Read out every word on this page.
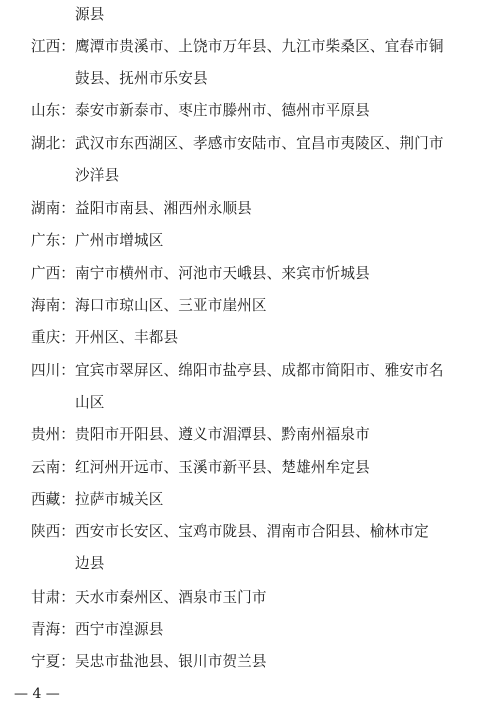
源县
江西： 鹰潭市贵溪市、上饶市万年县、九江市柴桑区、宜春市铜
鼓县、抚州市乐安县
山东： 泰安市新泰市、枣庄市滕州市、德州市平原县
湖北： 武汉市东西湖区、孝感市安陆市、宜昌市夷陵区、荆门市
沙洋县
湖南： 益阳市南县、湘西州永顺县
广东： 广州市增城区
广西： 南宁市横州市、河池市天峨县、来宾市忻城县
海南： 海口市琼山区、三亚市崖州区
重庆： 开州区、丰都县
四川： 宜宾市翠屏区、绵阳市盐亭县、成都市简阳市、雅安市名
山区
贵州： 贵阳市开阳县、遵义市湄潭县、黔南州福泉市
云南： 红河州开远市、玉溪市新平县、楚雄州牟定县
西藏： 拉萨市城关区
陕西： 西安市长安区、宝鸡市陇县、渭南市合阳县、榆林市定
边县
甘肃： 天水市秦州区、酒泉市玉门市
青海： 西宁市湟源县
宁夏： 吴忠市盐池县、银川市贺兰县
— 4 —
